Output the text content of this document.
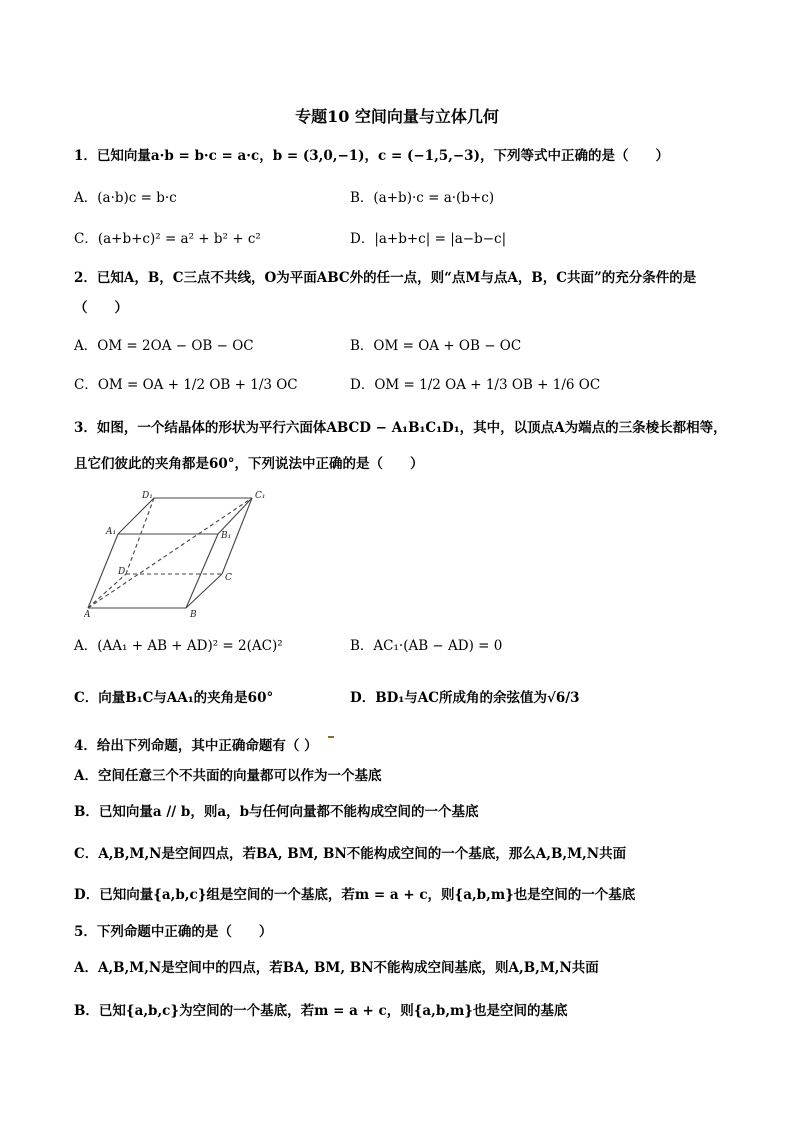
专题10 空间向量与立体几何
1．已知向量a·b = b·c = a·c，b = (3,0,−1)，c = (−1,5,−3)，下列等式中正确的是（　　）
A．(a·b)c = b·c	B．(a+b)·c = a·(b+c)
C．(a+b+c)² = a² + b² + c²	D．|a+b+c| = |a−b−c|
2．已知A，B，C三点不共线，O为平面ABC外的任一点，则“点M与点A，B，C共面”的充分条件的是
（　　）
A．OM = 2OA − OB − OC	B．OM = OA + OB − OC
C．OM = OA + 1/2 OB + 1/3 OC	D．OM = 1/2 OA + 1/3 OB + 1/6 OC
3．如图，一个结晶体的形状为平行六面体ABCD − A₁B₁C₁D₁，其中，以顶点A为端点的三条棱长都相等，
且它们彼此的夹角都是60°，下列说法中正确的是（　　）
D₁	C₁
A₁	B₁
D
C
A	B
A．(AA₁ + AB + AD)² = 2(AC)²	B．AC₁·(AB − AD) = 0
C．向量B₁C与AA₁的夹角是60°	D．BD₁与AC所成角的余弦值为√6/3
4．给出下列命题，其中正确命题有（ ）
A．空间任意三个不共面的向量都可以作为一个基底
B．已知向量a // b，则a，b与任何向量都不能构成空间的一个基底
C．A,B,M,N是空间四点，若BA, BM, BN不能构成空间的一个基底，那么A,B,M,N共面
D．已知向量{a,b,c}组是空间的一个基底，若m = a + c，则{a,b,m}也是空间的一个基底
5．下列命题中正确的是（　　）
A．A,B,M,N是空间中的四点，若BA, BM, BN不能构成空间基底，则A,B,M,N共面
B．已知{a,b,c}为空间的一个基底，若m = a + c，则{a,b,m}也是空间的基底
